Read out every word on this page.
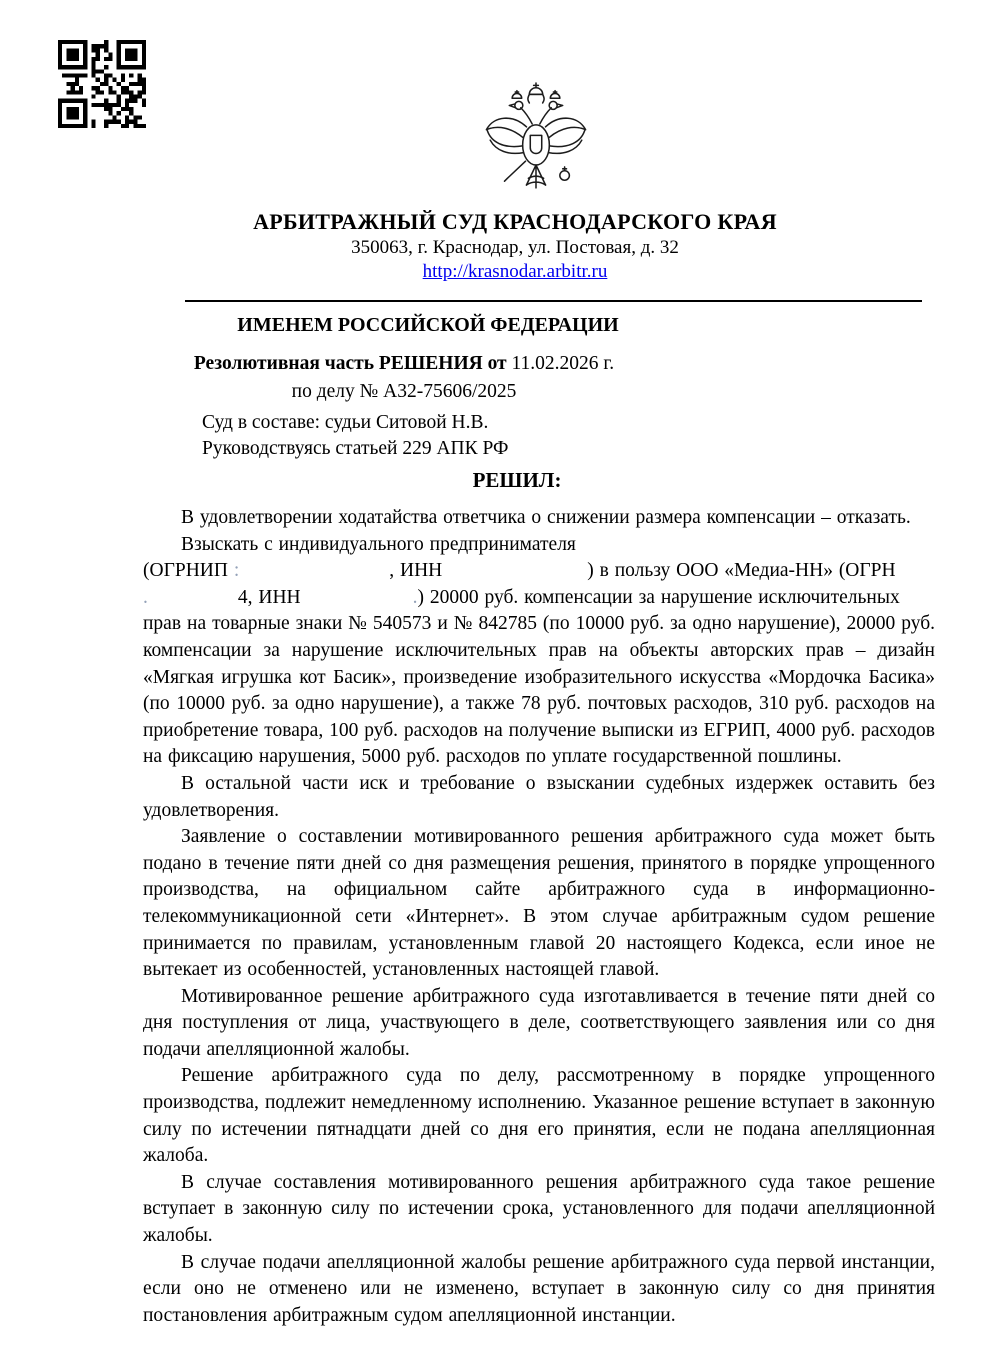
АРБИТРАЖНЫЙ СУД КРАСНОДАРСКОГО КРАЯ
350063, г. Краснодар, ул. Постовая, д. 32
http://krasnodar.arbitr.ru
ИМЕНЕМ РОССИЙСКОЙ ФЕДЕРАЦИИ
Резолютивная часть РЕШЕНИЯ от 11.02.2026 г.
по делу № А32-75606/2025
Суд в составе: судьи Ситовой Н.В.
Руководствуясь статьей 229 АПК РФ
РЕШИЛ:
В удовлетворении ходатайства ответчика о снижении размера компенсации – отказать.
Взыскать с индивидуального предпринимателя
(ОГРНИП :	, ИНН	) в пользу ООО «Медиа-НН» (ОГРН
.	4, ИНН	.) 20000 руб. компенсации за нарушение исключительных
прав на товарные знаки № 540573 и № 842785 (по 10000 руб. за одно нарушение), 20000 руб. компенсации за нарушение исключительных прав на объекты авторских прав – дизайн «Мягкая игрушка кот Басик», произведение изобразительного искусства «Мордочка Басика» (по 10000 руб. за одно нарушение), а также 78 руб. почтовых расходов, 310 руб. расходов на приобретение товара, 100 руб. расходов на получение выписки из ЕГРИП, 4000 руб. расходов на фиксацию нарушения, 5000 руб. расходов по уплате государственной пошлины.
В остальной части иск и требование о взыскании судебных издержек оставить без удовлетворения.
Заявление о составлении мотивированного решения арбитражного суда может быть подано в течение пяти дней со дня размещения решения, принятого в порядке упрощенного производства, на официальном сайте арбитражного суда в информационно-телекоммуникационной сети «Интернет». В этом случае арбитражным судом решение принимается по правилам, установленным главой 20 настоящего Кодекса, если иное не вытекает из особенностей, установленных настоящей главой.
Мотивированное решение арбитражного суда изготавливается в течение пяти дней со дня поступления от лица, участвующего в деле, соответствующего заявления или со дня подачи апелляционной жалобы.
Решение арбитражного суда по делу, рассмотренному в порядке упрощенного производства, подлежит немедленному исполнению. Указанное решение вступает в законную силу по истечении пятнадцати дней со дня его принятия, если не подана апелляционная жалоба.
В случае составления мотивированного решения арбитражного суда такое решение вступает в законную силу по истечении срока, установленного для подачи апелляционной жалобы.
В случае подачи апелляционной жалобы решение арбитражного суда первой инстанции, если оно не отменено или не изменено, вступает в законную силу со дня принятия постановления арбитражным судом апелляционной инстанции.
